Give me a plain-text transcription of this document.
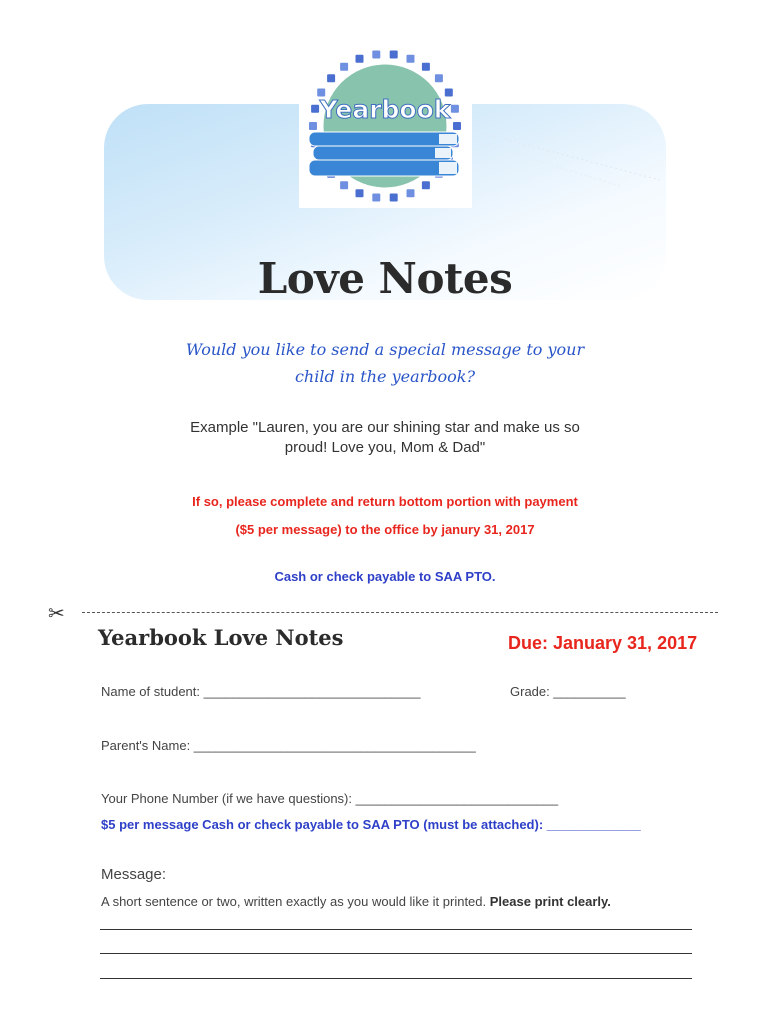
Yearbook
Love Notes
Would you like to send a special message to your child in the yearbook?
Example "Lauren, you are our shining star and make us so proud! Love you, Mom & Dad"
If so, please complete and return bottom portion with payment
($5 per message) to the office by janury 31, 2017
Cash or check payable to SAA PTO.
✂
Yearbook Love Notes	Due: January 31, 2017
Name of student: ______________________________	Grade: __________
Parent's Name: _______________________________________
Your Phone Number (if we have questions): ____________________________
$5 per message Cash or check payable to SAA PTO (must be attached): _____________
Message:
A short sentence or two, written exactly as you would like it printed. Please print clearly.
